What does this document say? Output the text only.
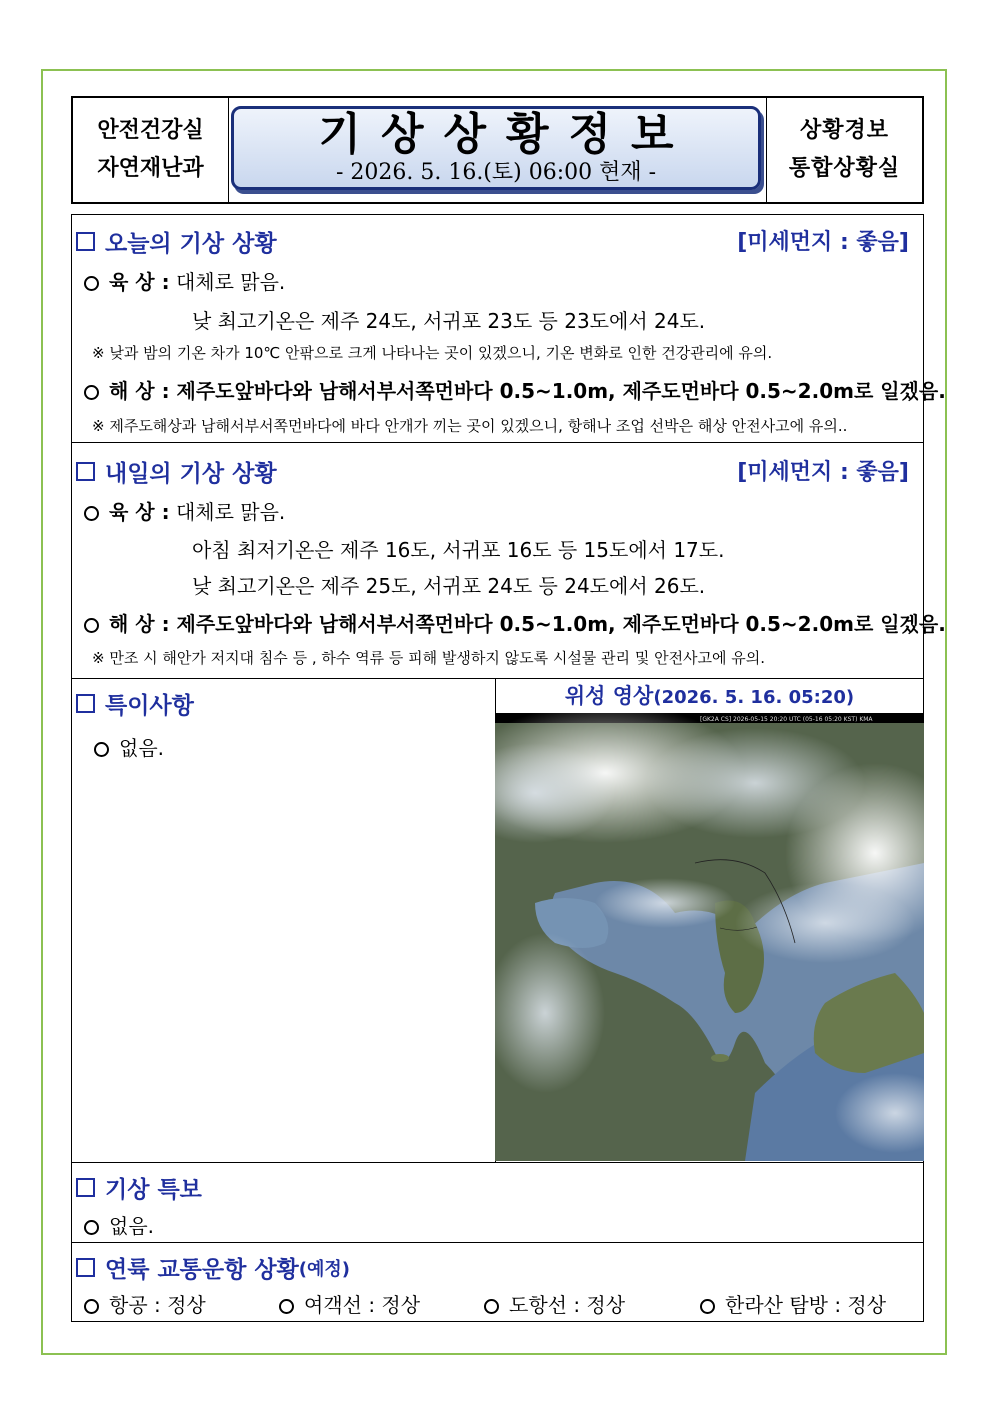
안전건강실
자연재난과
기상상황정보
- 2026. 5. 16.(토) 06:00 현재 -
상황경보
통합상황실
오늘의 기상 상황	[미세먼지 : 좋음]
육 상 : 대체로 맑음.
낮 최고기온은 제주 24도, 서귀포 23도 등 23도에서 24도.
※ 낮과 밤의 기온 차가 10℃ 안팎으로 크게 나타나는 곳이 있겠으니, 기온 변화로 인한 건강관리에 유의.
해 상 : 제주도앞바다와 남해서부서쪽먼바다 0.5~1.0m, 제주도먼바다 0.5~2.0m로 일겠음.
※ 제주도해상과 남해서부서쪽먼바다에 바다 안개가 끼는 곳이 있겠으니, 항해나 조업 선박은 해상 안전사고에 유의..
내일의 기상 상황	[미세먼지 : 좋음]
육 상 : 대체로 맑음.
아침 최저기온은 제주 16도, 서귀포 16도 등 15도에서 17도.
낮 최고기온은 제주 25도, 서귀포 24도 등 24도에서 26도.
해 상 : 제주도앞바다와 남해서부서쪽먼바다 0.5~1.0m, 제주도먼바다 0.5~2.0m로 일겠음.
※ 만조 시 해안가 저지대 침수 등 , 하수 역류 등 피해 발생하지 않도록 시설물 관리 및 안전사고에 유의.
특이사항
없음.
위성 영상(2026. 5. 16. 05:20)
[GK2A CS] 2026-05-15 20:20 UTC (05-16 05:20 KST) KMA
기상 특보
없음.
연륙 교통운항 상황 (예정)
항공 : 정상	여객선 : 정상	도항선 : 정상	한라산 탐방 : 정상
